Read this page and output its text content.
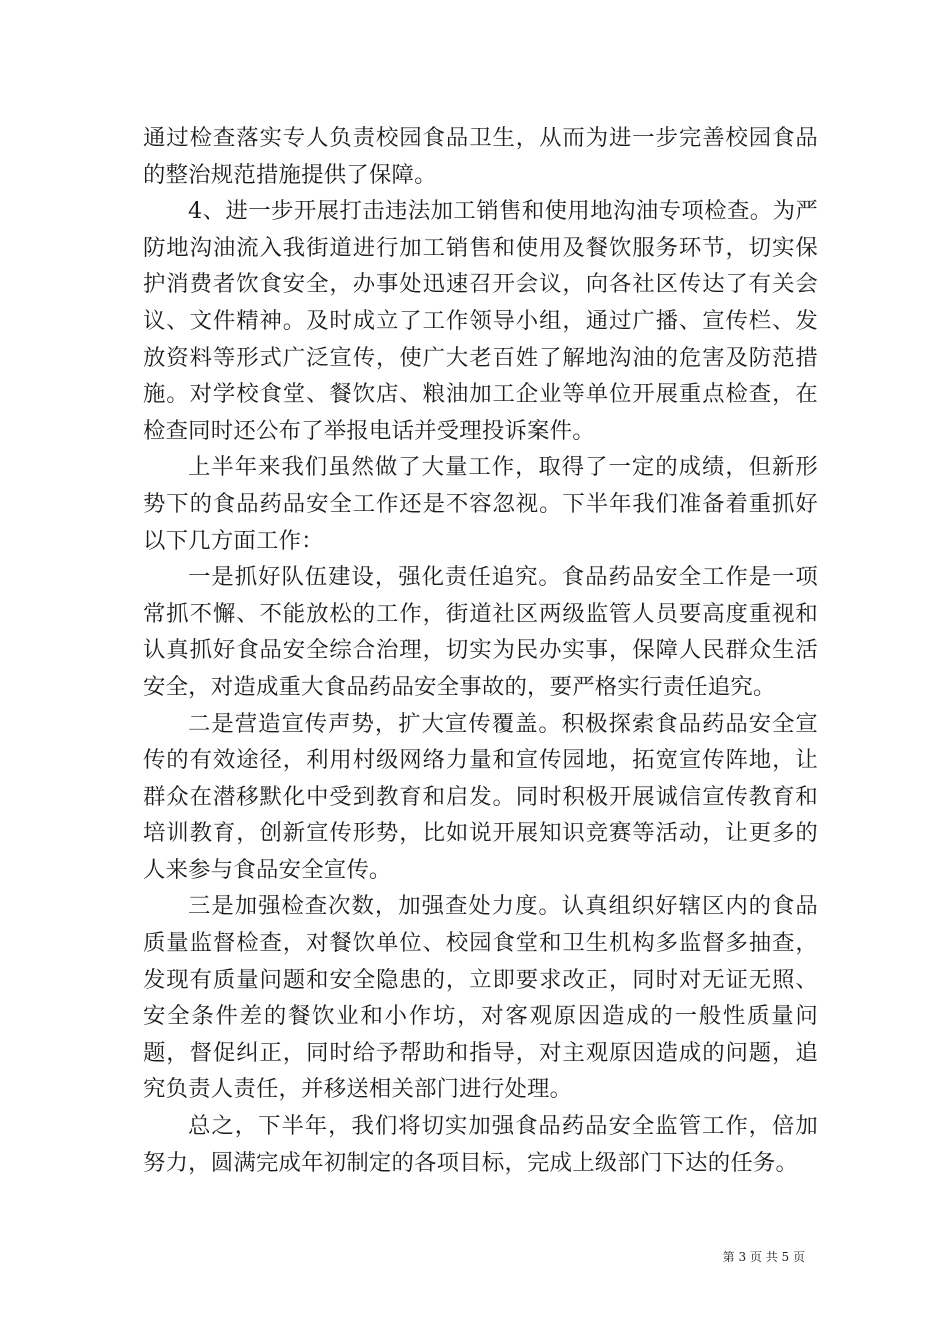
通过检查落实专人负责校园食品卫生，从而为进一步完善校园食品的整治规范措施提供了保障。

4、进一步开展打击违法加工销售和使用地沟油专项检查。为严防地沟油流入我街道进行加工销售和使用及餐饮服务环节，切实保护消费者饮食安全，办事处迅速召开会议，向各社区传达了有关会议、文件精神。及时成立了工作领导小组，通过广播、宣传栏、发放资料等形式广泛宣传，使广大老百姓了解地沟油的危害及防范措施。对学校食堂、餐饮店、粮油加工企业等单位开展重点检查，在检查同时还公布了举报电话并受理投诉案件。

上半年来我们虽然做了大量工作，取得了一定的成绩，但新形势下的食品药品安全工作还是不容忽视。下半年我们准备着重抓好以下几方面工作：

一是抓好队伍建设，强化责任追究。食品药品安全工作是一项常抓不懈、不能放松的工作，街道社区两级监管人员要高度重视和认真抓好食品安全综合治理，切实为民办实事，保障人民群众生活安全，对造成重大食品药品安全事故的，要严格实行责任追究。

二是营造宣传声势，扩大宣传覆盖。积极探索食品药品安全宣传的有效途径，利用村级网络力量和宣传园地，拓宽宣传阵地，让群众在潜移默化中受到教育和启发。同时积极开展诚信宣传教育和培训教育，创新宣传形势，比如说开展知识竞赛等活动，让更多的人来参与食品安全宣传。

三是加强检查次数，加强查处力度。认真组织好辖区内的食品质量监督检查，对餐饮单位、校园食堂和卫生机构多监督多抽查，发现有质量问题和安全隐患的，立即要求改正，同时对无证无照、安全条件差的餐饮业和小作坊，对客观原因造成的一般性质量问题，督促纠正，同时给予帮助和指导，对主观原因造成的问题，追究负责人责任，并移送相关部门进行处理。

总之，下半年，我们将切实加强食品药品安全监管工作，倍加努力，圆满完成年初制定的各项目标，完成上级部门下达的任务。

第 3 页 共 5 页
